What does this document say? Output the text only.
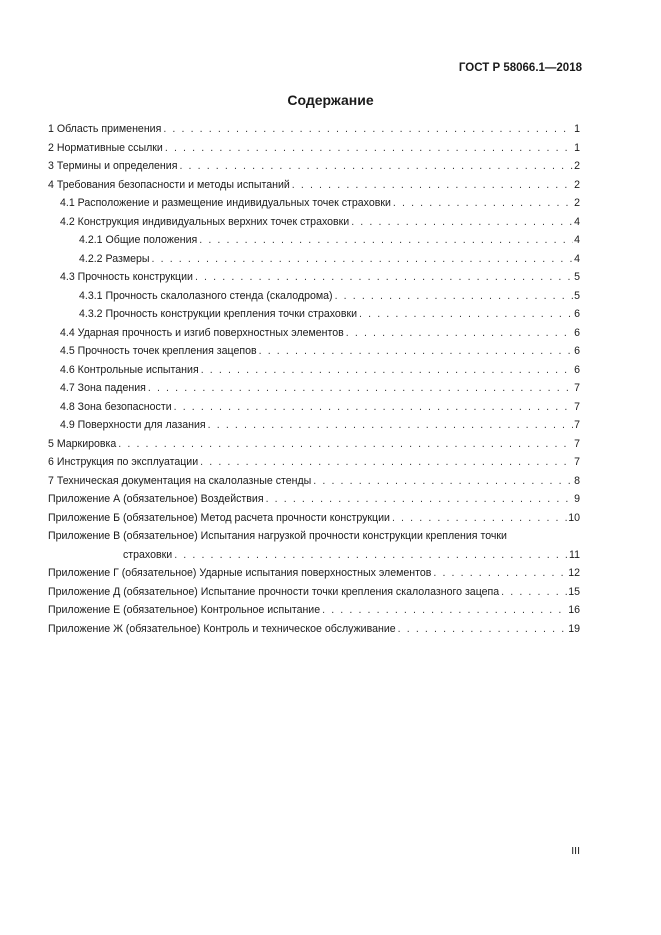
ГОСТ Р 58066.1—2018
Содержание
1 Область применения . . .	1
2 Нормативные ссылки . . .	1
3 Термины и определения . . .	2
4 Требования безопасности и методы испытаний . . .	2
4.1 Расположение и размещение индивидуальных точек страховки . . .	2
4.2 Конструкция индивидуальных верхних точек страховки . . .	4
4.2.1 Общие положения . . .	4
4.2.2 Размеры . . .	4
4.3 Прочность конструкции . . .	5
4.3.1 Прочность скалолазного стенда (скалодрома) . . .	5
4.3.2 Прочность конструкции крепления точки страховки . . .	6
4.4 Ударная прочность и изгиб поверхностных элементов . . .	6
4.5 Прочность точек крепления зацепов . . .	6
4.6 Контрольные испытания . . .	6
4.7 Зона падения . . .	7
4.8 Зона безопасности . . .	7
4.9 Поверхности для лазания . . .	7
5 Маркировка . . .	7
6 Инструкция по эксплуатации . . .	7
7 Техническая документация на скалолазные стенды . . .	8
Приложение А (обязательное) Воздействия . . .	9
Приложение Б (обязательное) Метод расчета прочности конструкции . . .	10
Приложение В (обязательное) Испытания нагрузкой прочности конструкции крепления точки
страховки . . .	11
Приложение Г (обязательное) Ударные испытания поверхностных элементов . . .	12
Приложение Д (обязательное) Испытание прочности точки крепления скалолазного зацепа . . .	15
Приложение Е (обязательное) Контрольное испытание . . .	16
Приложение Ж (обязательное) Контроль и техническое обслуживание . . .	19
III
